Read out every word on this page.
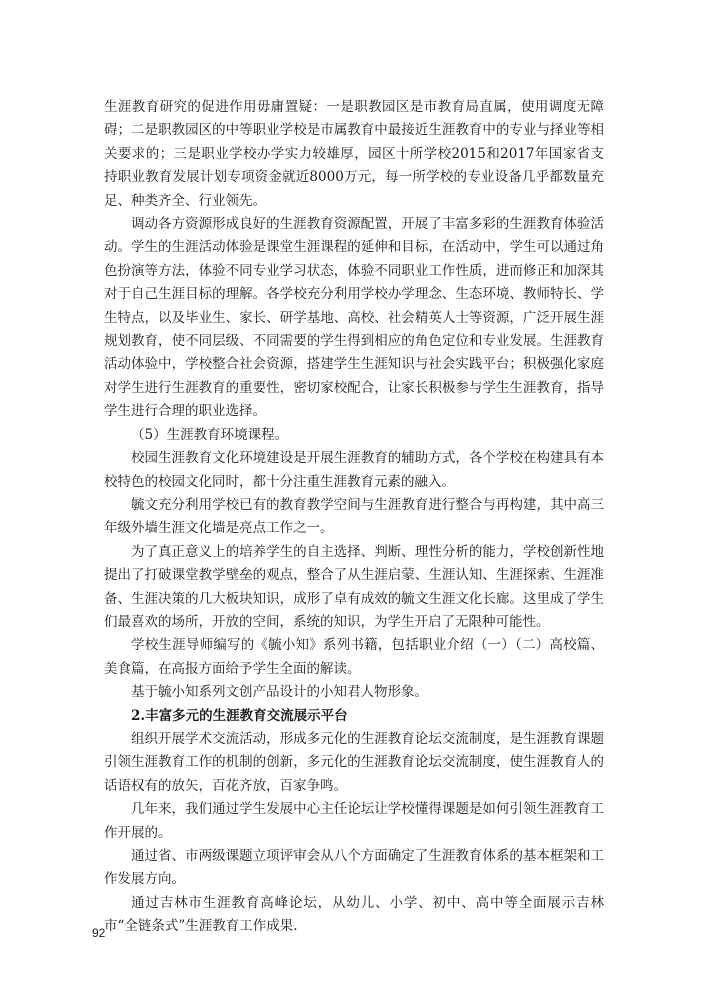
生涯教育研究的促进作用毋庸置疑：一是职教园区是市教育局直属，使用调度无障碍；二是职教园区的中等职业学校是市属教育中最接近生涯教育中的专业与择业等相关要求的；三是职业学校办学实力较雄厚，园区十所学校2015和2017年国家省支持职业教育发展计划专项资金就近8000万元，每一所学校的专业设备几乎都数量充足、种类齐全、行业领先。

调动各方资源形成良好的生涯教育资源配置，开展了丰富多彩的生涯教育体验活动。学生的生涯活动体验是课堂生涯课程的延伸和目标，在活动中，学生可以通过角色扮演等方法，体验不同专业学习状态，体验不同职业工作性质，进而修正和加深其对于自己生涯目标的理解。各学校充分利用学校办学理念、生态环境、教师特长、学生特点，以及毕业生、家长、研学基地、高校、社会精英人士等资源，广泛开展生涯规划教育，使不同层级、不同需要的学生得到相应的角色定位和专业发展。生涯教育活动体验中，学校整合社会资源，搭建学生生涯知识与社会实践平台；积极强化家庭对学生进行生涯教育的重要性，密切家校配合，让家长积极参与学生生涯教育，指导学生进行合理的职业选择。

（5）生涯教育环境课程。

校园生涯教育文化环境建设是开展生涯教育的辅助方式，各个学校在构建具有本校特色的校园文化同时，都十分注重生涯教育元素的融入。

毓文充分利用学校已有的教育教学空间与生涯教育进行整合与再构建，其中高三年级外墙生涯文化墙是亮点工作之一。

为了真正意义上的培养学生的自主选择、判断、理性分析的能力，学校创新性地提出了打破课堂教学壁垒的观点，整合了从生涯启蒙、生涯认知、生涯探索、生涯准备、生涯决策的几大板块知识，成形了卓有成效的毓文生涯文化长廊。这里成了学生们最喜欢的场所，开放的空间，系统的知识，为学生开启了无限种可能性。

学校生涯导师编写的《毓小知》系列书籍，包括职业介绍（一）（二）高校篇、美食篇，在高报方面给予学生全面的解读。

基于毓小知系列文创产品设计的小知君人物形象。

2.丰富多元的生涯教育交流展示平台

组织开展学术交流活动，形成多元化的生涯教育论坛交流制度，是生涯教育课题引领生涯教育工作的机制的创新，多元化的生涯教育论坛交流制度，使生涯教育人的话语权有的放矢，百花齐放，百家争鸣。

几年来，我们通过学生发展中心主任论坛让学校懂得课题是如何引领生涯教育工作开展的。

通过省、市两级课题立项评审会从八个方面确定了生涯教育体系的基本框架和工作发展方向。

通过吉林市生涯教育高峰论坛，从幼儿、小学、初中、高中等全面展示吉林市“全链条式”生涯教育工作成果.

92
